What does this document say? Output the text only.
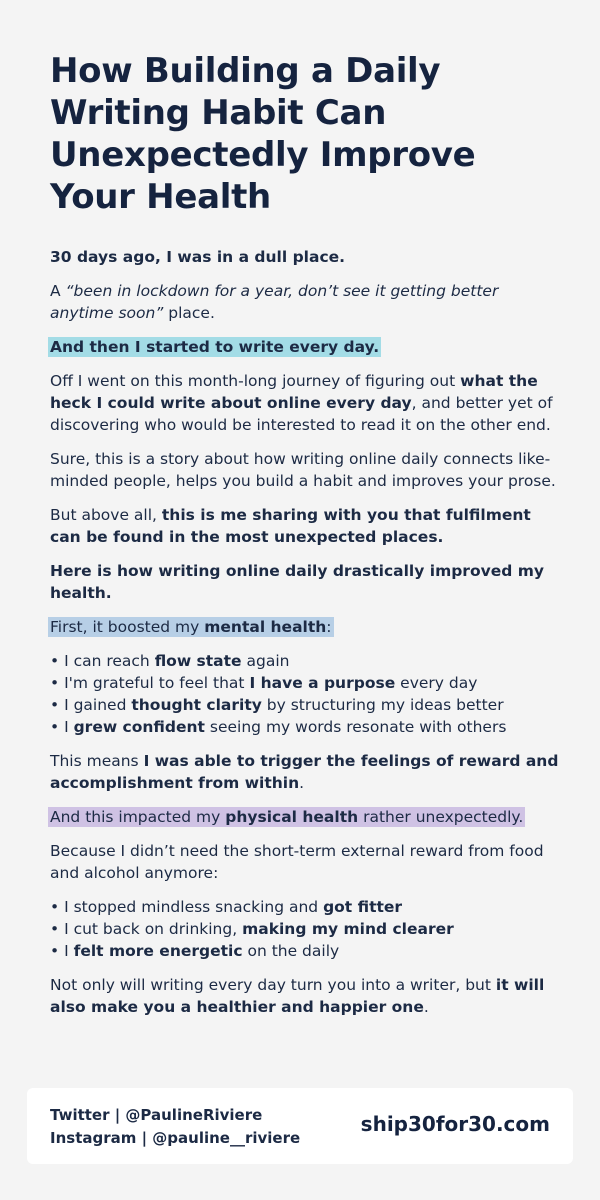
How Building a Daily Writing Habit Can Unexpectedly Improve Your Health

30 days ago, I was in a dull place.

A “been in lockdown for a year, don’t see it getting better anytime soon” place.

And then I started to write every day.

Off I went on this month-long journey of figuring out what the heck I could write about online every day, and better yet of discovering who would be interested to read it on the other end.

Sure, this is a story about how writing online daily connects like-minded people, helps you build a habit and improves your prose.

But above all, this is me sharing with you that fulfilment can be found in the most unexpected places.

Here is how writing online daily drastically improved my health.

First, it boosted my mental health:

• I can reach flow state again
• I'm grateful to feel that I have a purpose every day
• I gained thought clarity by structuring my ideas better
• I grew confident seeing my words resonate with others

This means I was able to trigger the feelings of reward and accomplishment from within.

And this impacted my physical health rather unexpectedly.

Because I didn’t need the short-term external reward from food and alcohol anymore:

• I stopped mindless snacking and got fitter
• I cut back on drinking, making my mind clearer
• I felt more energetic on the daily

Not only will writing every day turn you into a writer, but it will also make you a healthier and happier one.

Twitter | @PaulineRiviere
Instagram | @pauline__riviere
ship30for30.com
